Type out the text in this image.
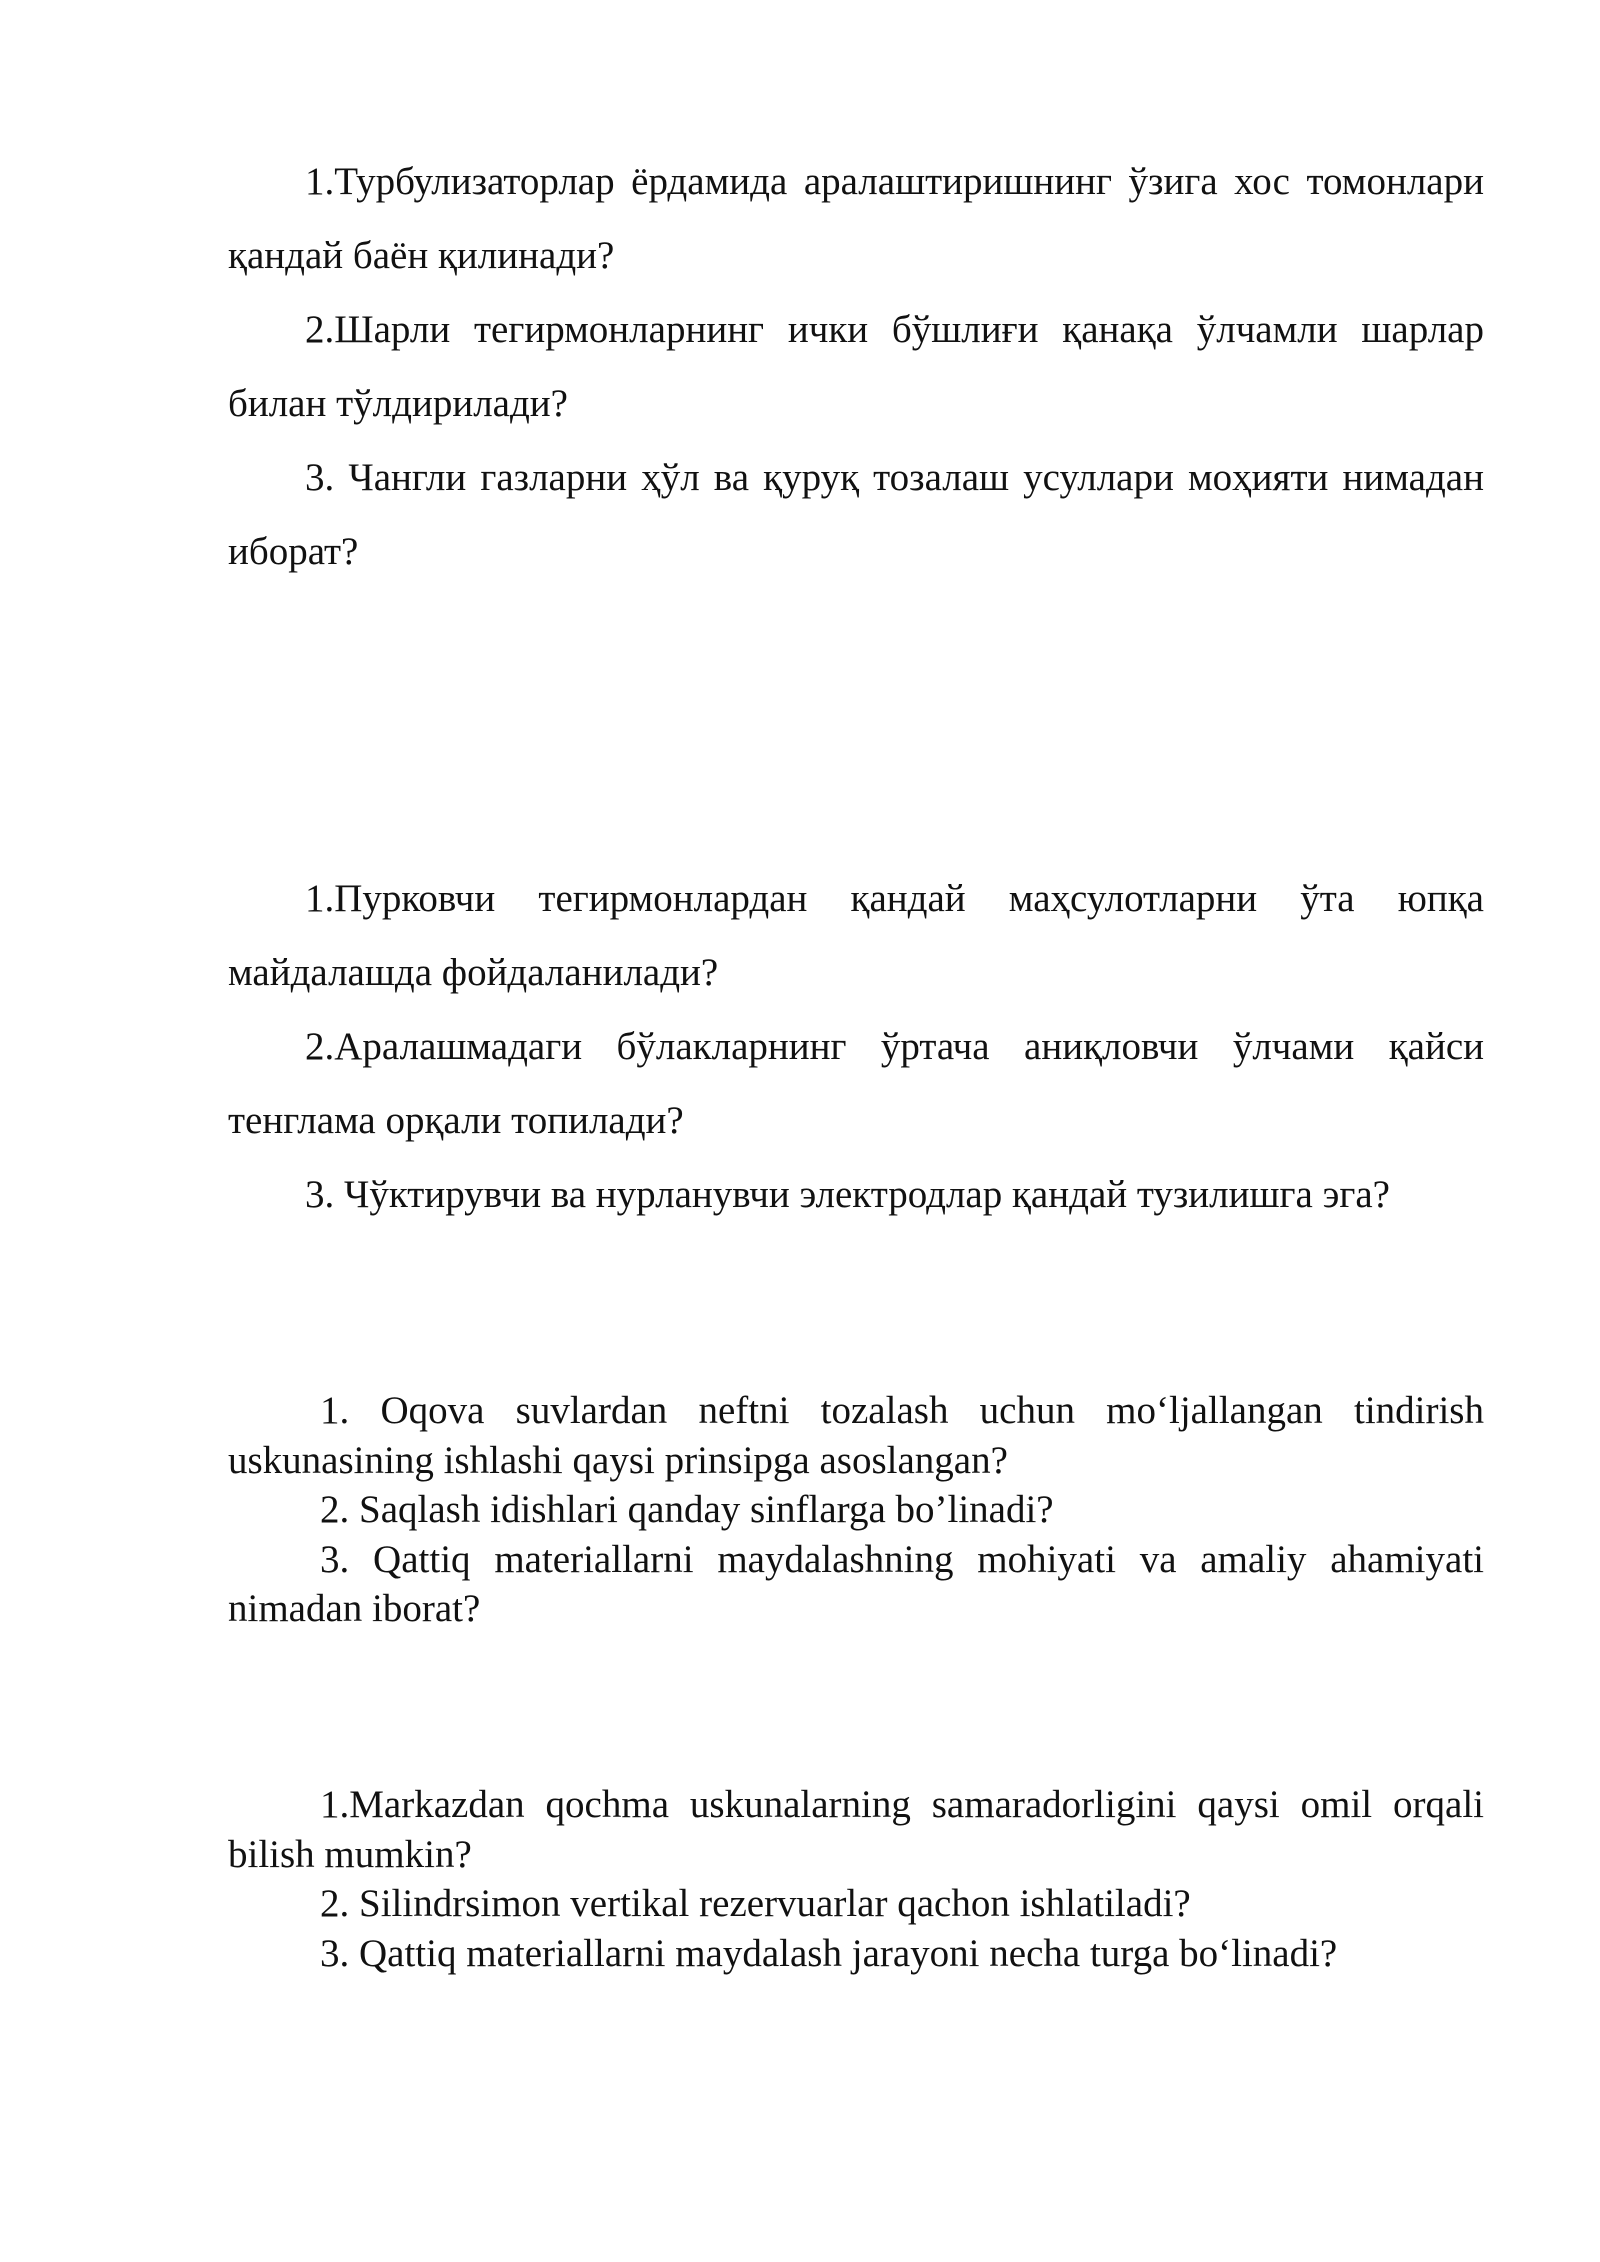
1.Турбулизаторлар ёрдамида аралаштиришнинг ўзига хос томонлари қандай баён қилинади?

2.Шарли тегирмонларнинг ички бўшлиғи қанақа ўлчамли шарлар билан тўлдирилади?

3. Чангли газларни ҳўл ва қуруқ тозалаш усуллари моҳияти нимадан иборат?

1.Пурковчи тегирмонлардан қандай маҳсулотларни ўта юпқа майдалашда фойдаланилади?

2.Аралашмадаги бўлакларнинг ўртача аниқловчи ўлчами қайси тенглама орқали топилади?

3. Чўктирувчи ва нурланувчи электродлар қандай тузилишга эга?

1. Oqova suvlardan neftni tozalash uchun mo‘ljallangan tindirish uskunasining ishlashi qaysi prinsipga asoslangan?

2. Saqlash idishlari qanday sinflarga bo’linadi?

3. Qattiq materiallarni maydalashning mohiyati va amaliy ahamiyati nimadan iborat?

1.Markazdan qochma uskunalarning samaradorligini qaysi omil orqali bilish mumkin?

2. Silindrsimon vertikal rezervuarlar qachon ishlatiladi?

3. Qattiq materiallarni maydalash jarayoni necha turga bo‘linadi?
